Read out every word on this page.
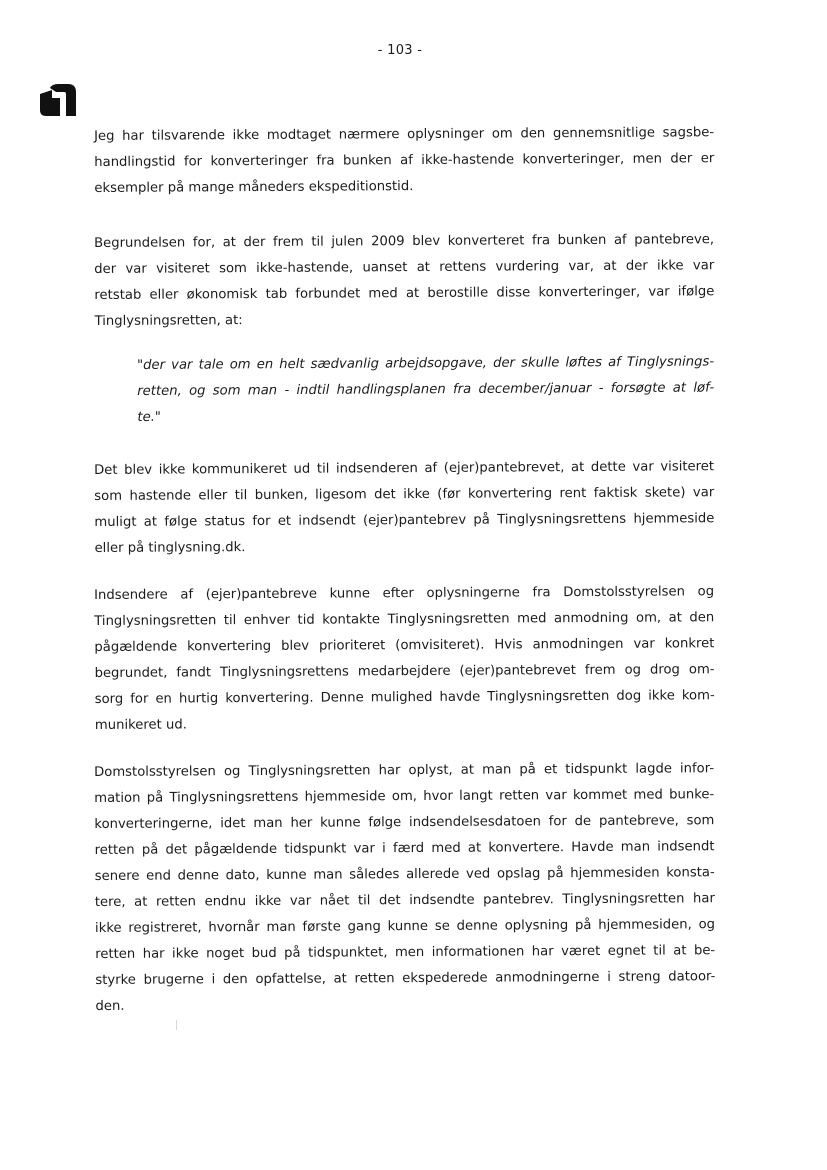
- 103 -

Jeg har tilsvarende ikke modtaget nærmere oplysninger om den gennemsnitlige sagsbe-
handlingstid for konverteringer fra bunken af ikke-hastende konverteringer, men der er
eksempler på mange måneders ekspeditionstid.

Begrundelsen for, at der frem til julen 2009 blev konverteret fra bunken af pantebreve,
der var visiteret som ikke-hastende, uanset at rettens vurdering var, at der ikke var
retstab eller økonomisk tab forbundet med at berostille disse konverteringer, var ifølge
Tinglysningsretten, at:

"der var tale om en helt sædvanlig arbejdsopgave, der skulle løftes af Tinglysnings-
retten, og som man - indtil handlingsplanen fra december/januar - forsøgte at løf-
te."

Det blev ikke kommunikeret ud til indsenderen af (ejer)pantebrevet, at dette var visiteret
som hastende eller til bunken, ligesom det ikke (før konvertering rent faktisk skete) var
muligt at følge status for et indsendt (ejer)pantebrev på Tinglysningsrettens hjemmeside
eller på tinglysning.dk.

Indsendere af (ejer)pantebreve kunne efter oplysningerne fra Domstolsstyrelsen og
Tinglysningsretten til enhver tid kontakte Tinglysningsretten med anmodning om, at den
pågældende konvertering blev prioriteret (omvisiteret). Hvis anmodningen var konkret
begrundet, fandt Tinglysningsrettens medarbejdere (ejer)pantebrevet frem og drog om-
sorg for en hurtig konvertering. Denne mulighed havde Tinglysningsretten dog ikke kom-
munikeret ud.

Domstolsstyrelsen og Tinglysningsretten har oplyst, at man på et tidspunkt lagde infor-
mation på Tinglysningsrettens hjemmeside om, hvor langt retten var kommet med bunke-
konverteringerne, idet man her kunne følge indsendelsesdatoen for de pantebreve, som
retten på det pågældende tidspunkt var i færd med at konvertere. Havde man indsendt
senere end denne dato, kunne man således allerede ved opslag på hjemmesiden konsta-
tere, at retten endnu ikke var nået til det indsendte pantebrev. Tinglysningsretten har
ikke registreret, hvornår man første gang kunne se denne oplysning på hjemmesiden, og
retten har ikke noget bud på tidspunktet, men informationen har været egnet til at be-
styrke brugerne i den opfattelse, at retten ekspederede anmodningerne i streng datoor-
den.
